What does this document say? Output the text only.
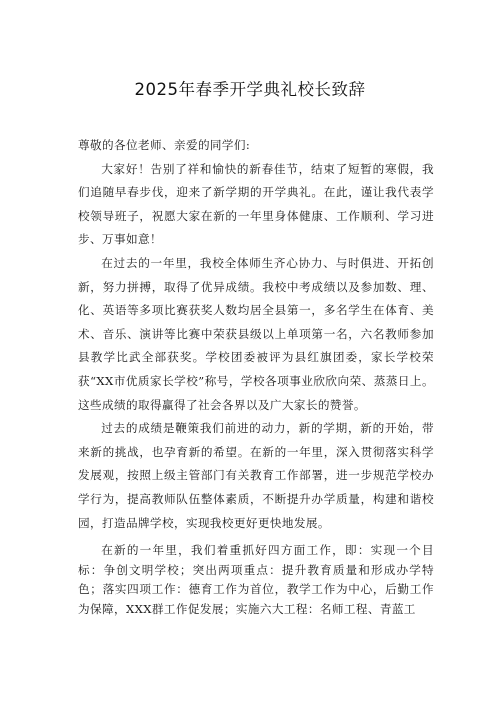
2025年春季开学典礼校长致辞

尊敬的各位老师、亲爱的同学们:

大家好！告别了祥和愉快的新春佳节，结束了短暂的寒假，我们追随早春步伐，迎来了新学期的开学典礼。在此，谨让我代表学校领导班子，祝愿大家在新的一年里身体健康、工作顺利、学习进步、万事如意！

在过去的一年里，我校全体师生齐心协力、与时俱进、开拓创新，努力拼搏，取得了优异成绩。我校中考成绩以及参加数、理、化、英语等多项比赛获奖人数均居全县第一，多名学生在体育、美术、音乐、演讲等比赛中荣获县级以上单项第一名，六名教师参加县教学比武全部获奖。学校团委被评为县红旗团委，家长学校荣获“XX市优质家长学校”称号，学校各项事业欣欣向荣、蒸蒸日上。这些成绩的取得赢得了社会各界以及广大家长的赞誉。

过去的成绩是鞭策我们前进的动力，新的学期，新的开始，带来新的挑战，也孕育新的希望。在新的一年里，深入贯彻落实科学发展观，按照上级主管部门有关教育工作部署，进一步规范学校办学行为，提高教师队伍整体素质，不断提升办学质量，构建和谐校园，打造品牌学校，实现我校更好更快地发展。

在新的一年里，我们着重抓好四方面工作，即：实现一个目标：争创文明学校；突出两项重点：提升教育质量和形成办学特色；落实四项工作：德育工作为首位，教学工作为中心，后勤工作为保障，XXX群工作促发展；实施六大工程：名师工程、青蓝工
